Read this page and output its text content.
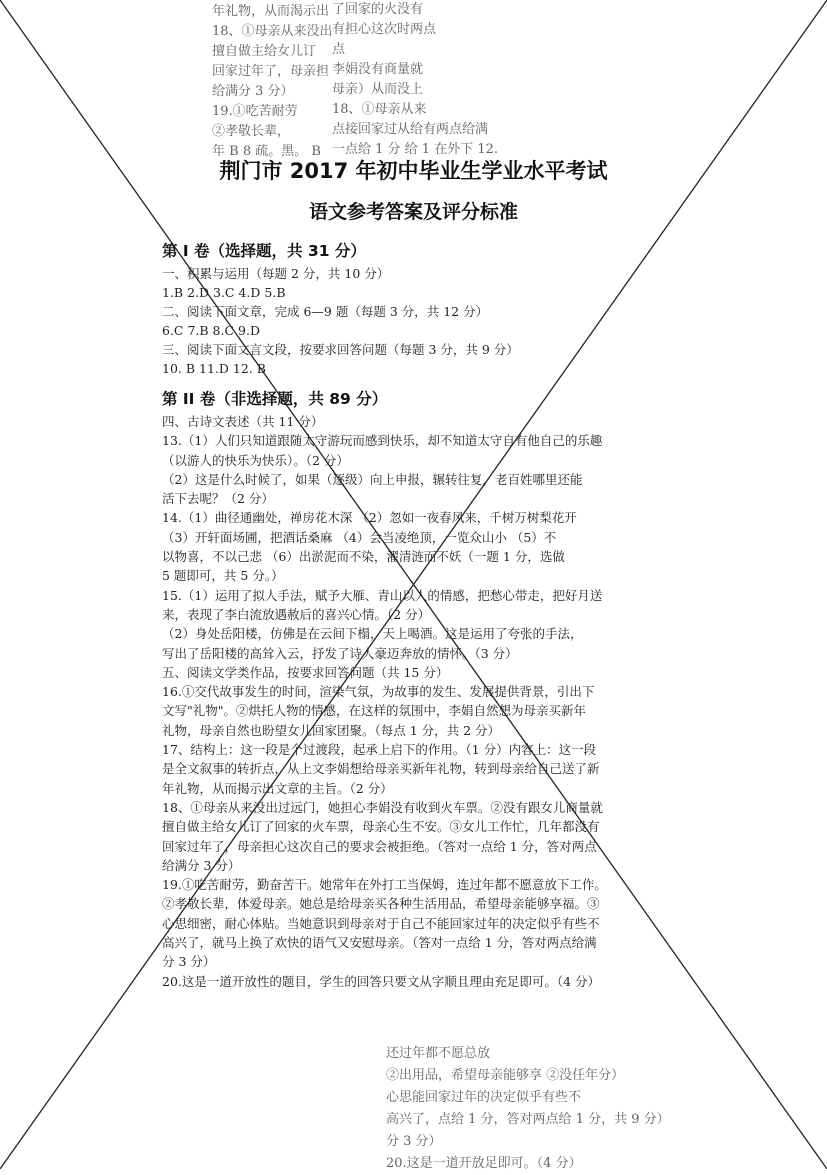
年礼物，从而渴示出
18、①母亲从来没出
擅自做主给女儿订
回家过年了，母亲担
给满分 3 分）
19.①吃苦耐劳
②孝敬长辈，
年 B 8 疏。黑。 B
了回家的火没有
有担心这次时两点
点
李娟没有商量就
母亲）从而没上
18、①母亲从来
点接回家过从给有两点给满
一点给 1 分 给 1 在外下 12.
荆门市 2017 年初中毕业生学业水平考试
语文参考答案及评分标准
第 I 卷（选择题，共 31 分）
一、积累与运用（每题 2 分，共 10 分）
1.B 2.D 3.C 4.D 5.B
二、阅读下面文章，完成 6—9 题（每题 3 分，共 12 分）
6.C 7.B 8.C 9.D
三、阅读下面文言文段，按要求回答问题（每题 3 分，共 9 分）
10. B 11.D 12. B
第 II 卷（非选择题，共 89 分）
四、古诗文表述（共 11 分）
13.（1）人们只知道跟随太守游玩而感到快乐，却不知道太守自有他自己的乐趣
（以游人的快乐为快乐）。（2 分）
（2）这是什么时候了，如果（逐级）向上申报，辗转往复，老百姓哪里还能
活下去呢？（2 分）
14.（1）曲径通幽处，禅房花木深 （2）忽如一夜春风来，千树万树梨花开
（3）开轩面场圃，把酒话桑麻 （4）会当凌绝顶，一览众山小 （5）不
以物喜，不以己悲 （6）出淤泥而不染，濯清涟而不妖（一题 1 分，选做
5 题即可，共 5 分。）
15.（1）运用了拟人手法，赋予大雁、青山以人的情感，把愁心带走，把好月送
来，表现了李白流放遇赦后的喜兴心情。（2 分）
（2）身处岳阳楼，仿佛是在云间下榻，天上喝酒。这是运用了夸张的手法，
写出了岳阳楼的高耸入云，抒发了诗人豪迈奔放的情怀。（3 分）
五、阅读文学类作品，按要求回答问题（共 15 分）
16.①交代故事发生的时间，渲染气氛，为故事的发生、发展提供背景，引出下
文写"礼物"。②烘托人物的情感，在这样的氛围中，李娟自然想为母亲买新年
礼物，母亲自然也盼望女儿回家团聚。（每点 1 分，共 2 分）
17、结构上：这一段是个过渡段，起承上启下的作用。（1 分）内容上：这一段
是全文叙事的转折点，从上文李娟想给母亲买新年礼物，转到母亲给自己送了新
年礼物，从而揭示出文章的主旨。（2 分）
18、①母亲从来没出过远门，她担心李娟没有收到火车票。②没有跟女儿商量就
擅自做主给女儿订了回家的火车票，母亲心生不安。③女儿工作忙，几年都没有
回家过年了，母亲担心这次自己的要求会被拒绝。（答对一点给 1 分，答对两点
给满分 3 分）
19.①吃苦耐劳，勤奋苦干。她常年在外打工当保姆，连过年都不愿意放下工作。
②孝敬长辈，体爱母亲。她总是给母亲买各种生活用品，希望母亲能够享福。③
心思细密，耐心体贴。当她意识到母亲对于自己不能回家过年的决定似乎有些不
高兴了，就马上换了欢快的语气又安慰母亲。（答对一点给 1 分，答对两点给满
分 3 分）
20.这是一道开放性的题目，学生的回答只要文从字顺且理由充足即可。（4 分）
还过年都不愿总放
②出用品，希望母亲能够享 ②没任年分）
心思能回家过年的决定似乎有些不
高兴了，点给 1 分，答对两点给 1 分，共 9 分）
分 3 分）
20.这是一道开放足即可。（4 分）
